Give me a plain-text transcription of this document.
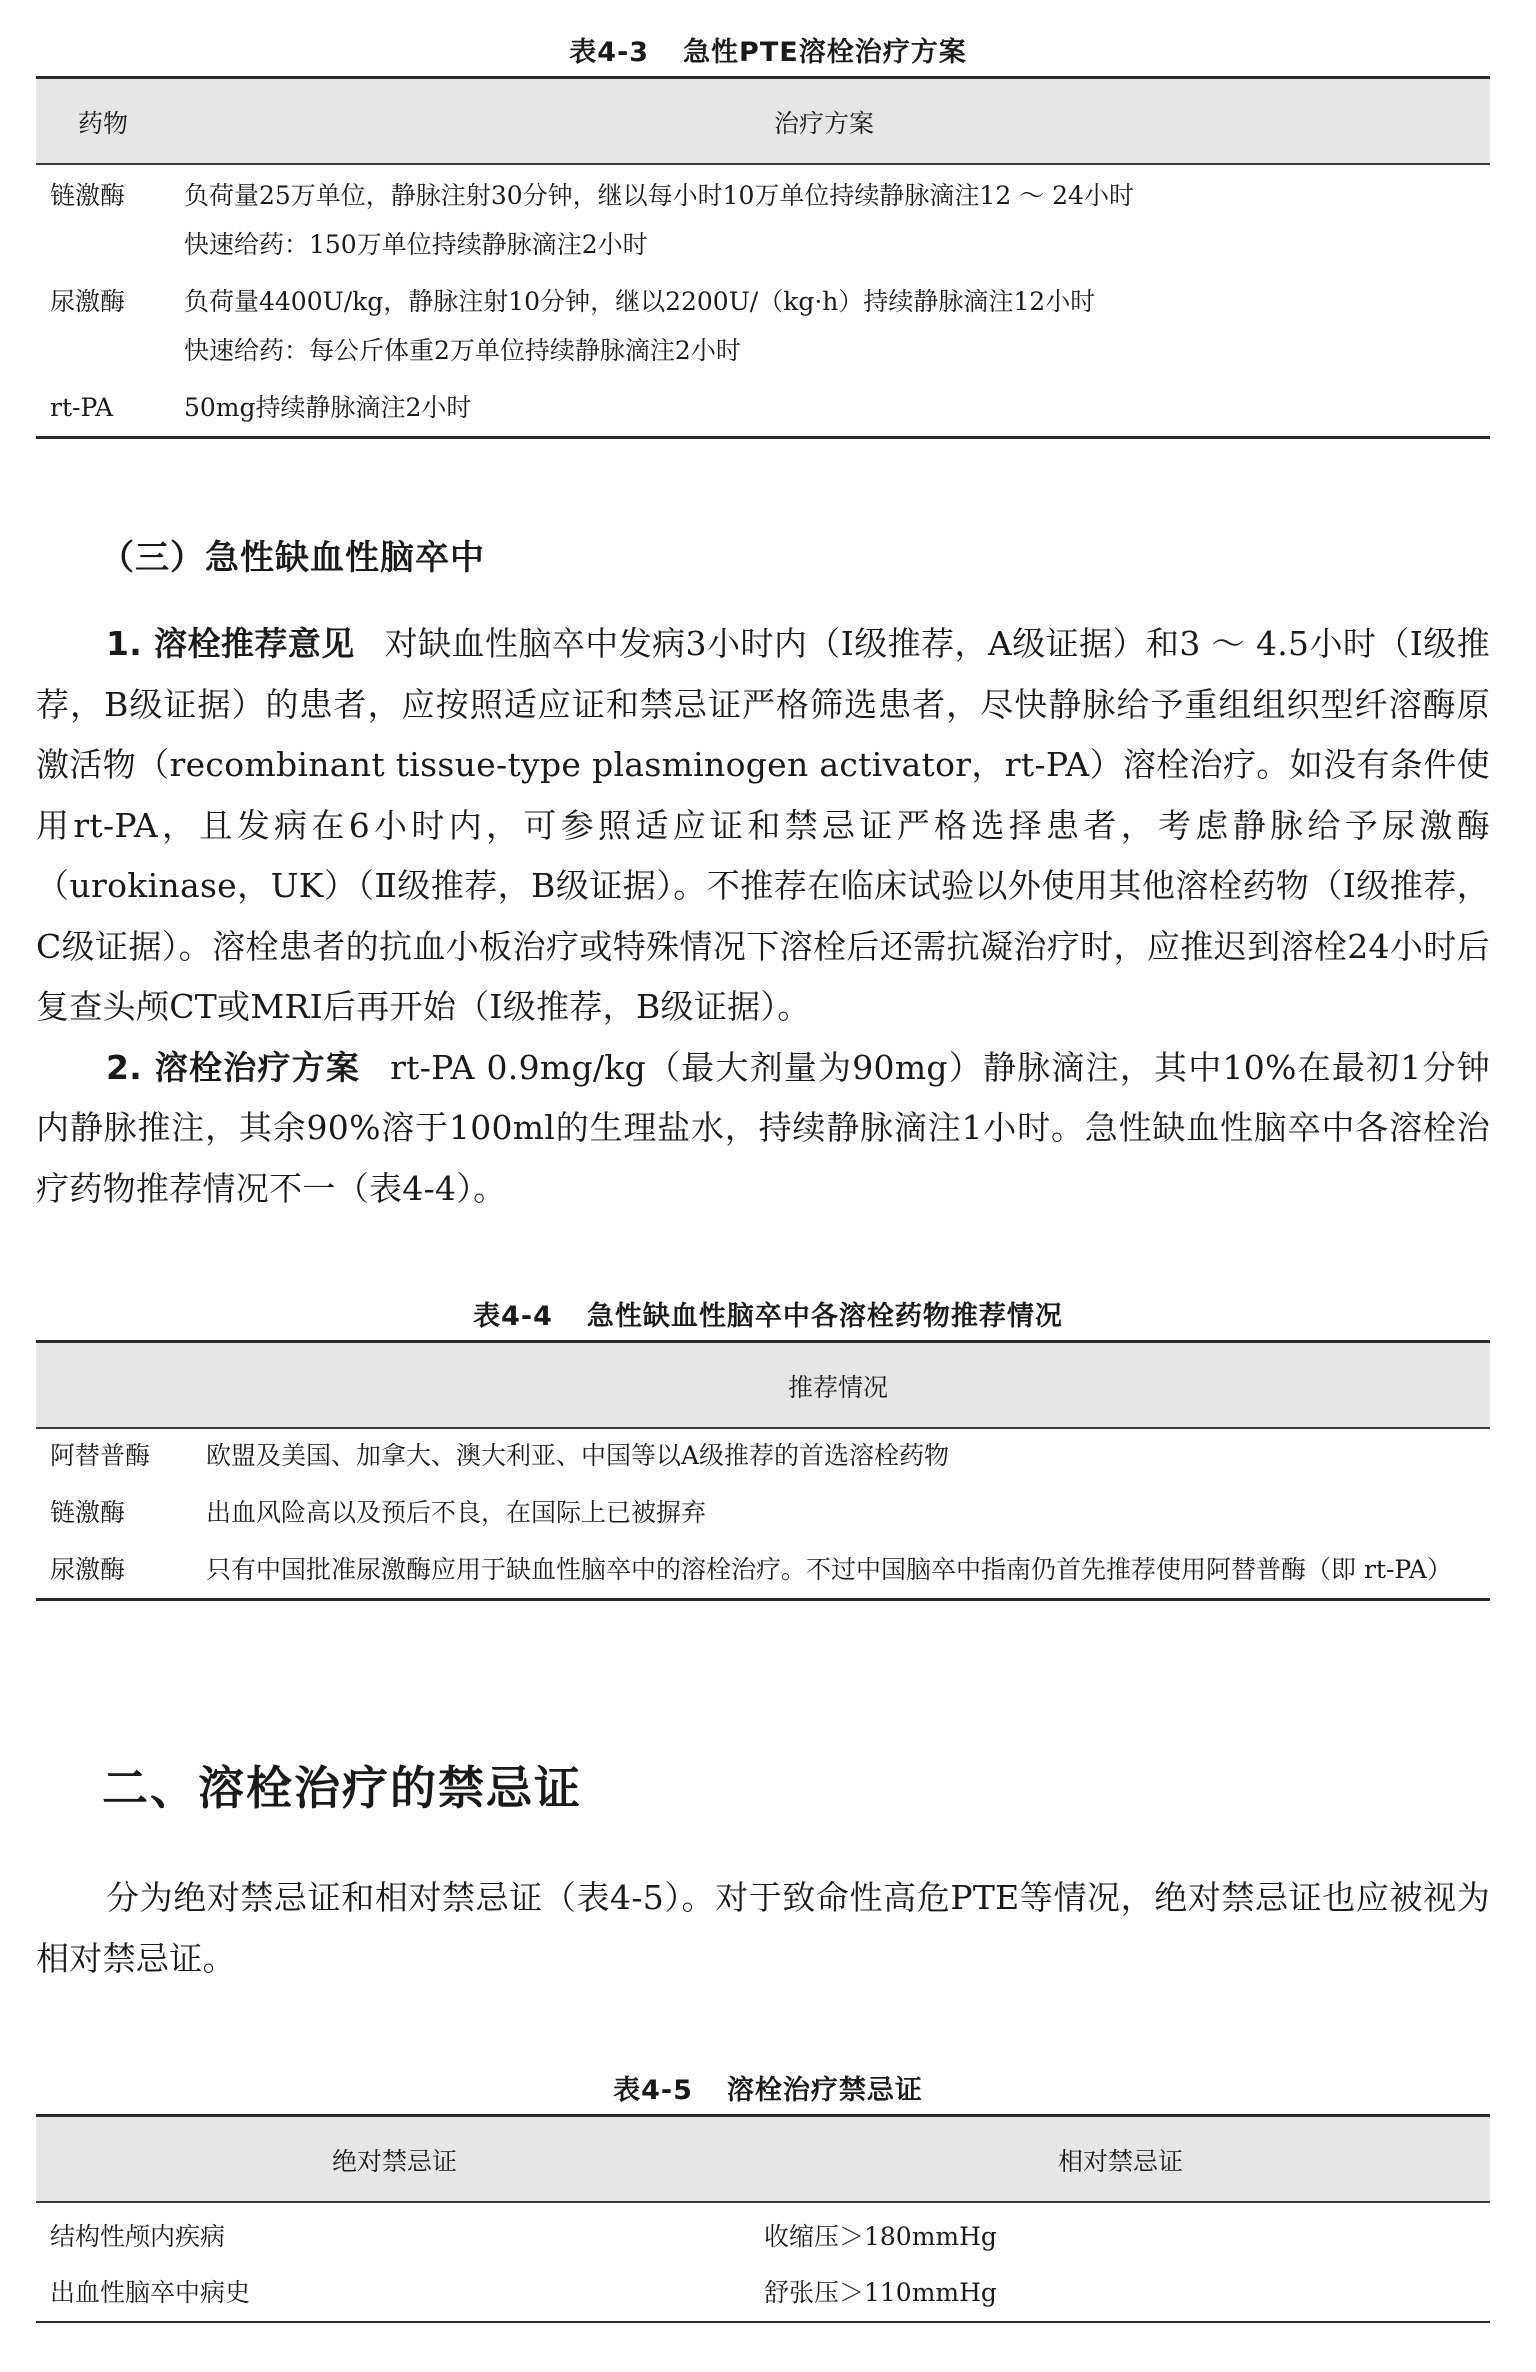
表4-3 急性PTE溶栓治疗方案
药物	治疗方案
链激酶 负荷量25万单位，静脉注射30分钟，继以每小时10万单位持续静脉滴注12 ～ 24小时
快速给药：150万单位持续静脉滴注2小时
尿激酶 负荷量4400U/kg，静脉注射10分钟，继以2200U/（kg·h）持续静脉滴注12小时
快速给药：每公斤体重2万单位持续静脉滴注2小时
rt-PA	50mg持续静脉滴注2小时
（三）急性缺血性脑卒中

1. 溶栓推荐意见 对缺血性脑卒中发病3小时内（Ⅰ级推荐，A级证据）和3 ～ 4.5小时（Ⅰ级推荐，B级证据）的患者，应按照适应证和禁忌证严格筛选患者，尽快静脉给予重组组织型纤溶酶原激活物（recombinant tissue-type plasminogen activator，rt-PA）溶栓治疗。如没有条件使用rt-PA，且发病在6小时内，可参照适应证和禁忌证严格选择患者，考虑静脉给予尿激酶（urokinase，UK）（Ⅱ级推荐，B级证据）。不推荐在临床试验以外使用其他溶栓药物（Ⅰ级推荐，C级证据）。溶栓患者的抗血小板治疗或特殊情况下溶栓后还需抗凝治疗时，应推迟到溶栓24小时后复查头颅CT或MRI后再开始（Ⅰ级推荐，B级证据）。

2. 溶栓治疗方案 rt-PA 0.9mg/kg（最大剂量为90mg）静脉滴注，其中10%在最初1分钟内静脉推注，其余90%溶于100ml的生理盐水，持续静脉滴注1小时。急性缺血性脑卒中各溶栓治疗药物推荐情况不一（表4-4）。

表4-4 急性缺血性脑卒中各溶栓药物推荐情况
推荐情况
阿替普酶 欧盟及美国、加拿大、澳大利亚、中国等以A级推荐的首选溶栓药物
链激酶	出血风险高以及预后不良，在国际上已被摒弃
尿激酶	只有中国批准尿激酶应用于缺血性脑卒中的溶栓治疗。不过中国脑卒中指南仍首先推荐使用阿替普酶（即 rt-PA）
二、溶栓治疗的禁忌证

分为绝对禁忌证和相对禁忌证（表4-5）。对于致命性高危PTE等情况，绝对禁忌证也应被视为相对禁忌证。

表4-5 溶栓治疗禁忌证
绝对禁忌证	相对禁忌证
结构性颅内疾病	收缩压＞180mmHg
出血性脑卒中病史	舒张压＞110mmHg
